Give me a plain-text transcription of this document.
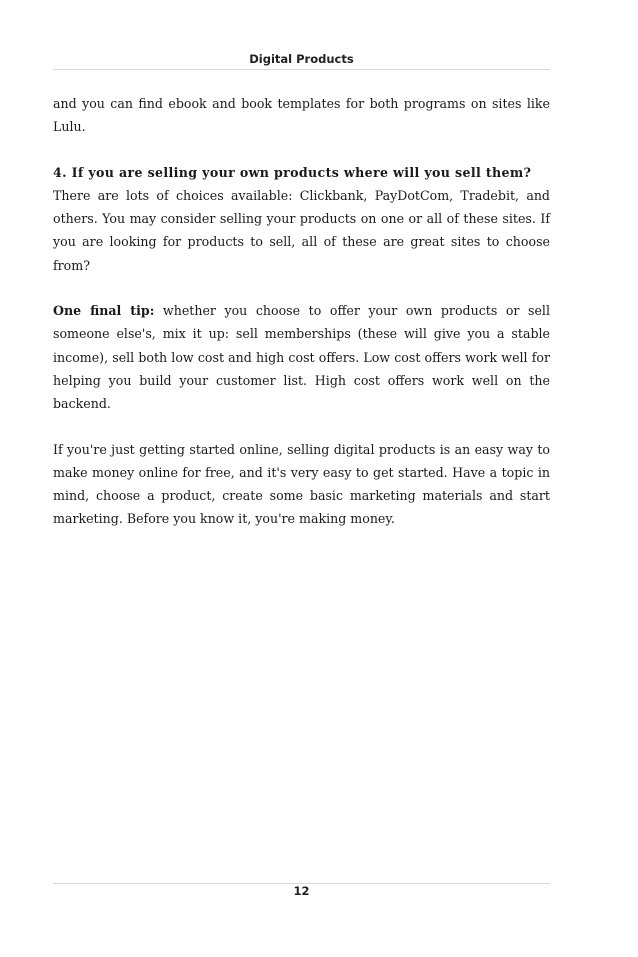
Digital Products

and you can find ebook and book templates for both programs on sites like Lulu.

4. If you are selling your own products where will you sell them?
There are lots of choices available: Clickbank, PayDotCom, Tradebit, and others. You may consider selling your products on one or all of these sites. If you are looking for products to sell, all of these are great sites to choose from?

One final tip: whether you choose to offer your own products or sell someone else's, mix it up: sell memberships (these will give you a stable income), sell both low cost and high cost offers. Low cost offers work well for helping you build your customer list. High cost offers work well on the backend.

If you're just getting started online, selling digital products is an easy way to make money online for free, and it's very easy to get started. Have a topic in mind, choose a product, create some basic marketing materials and start marketing. Before you know it, you're making money.

12
